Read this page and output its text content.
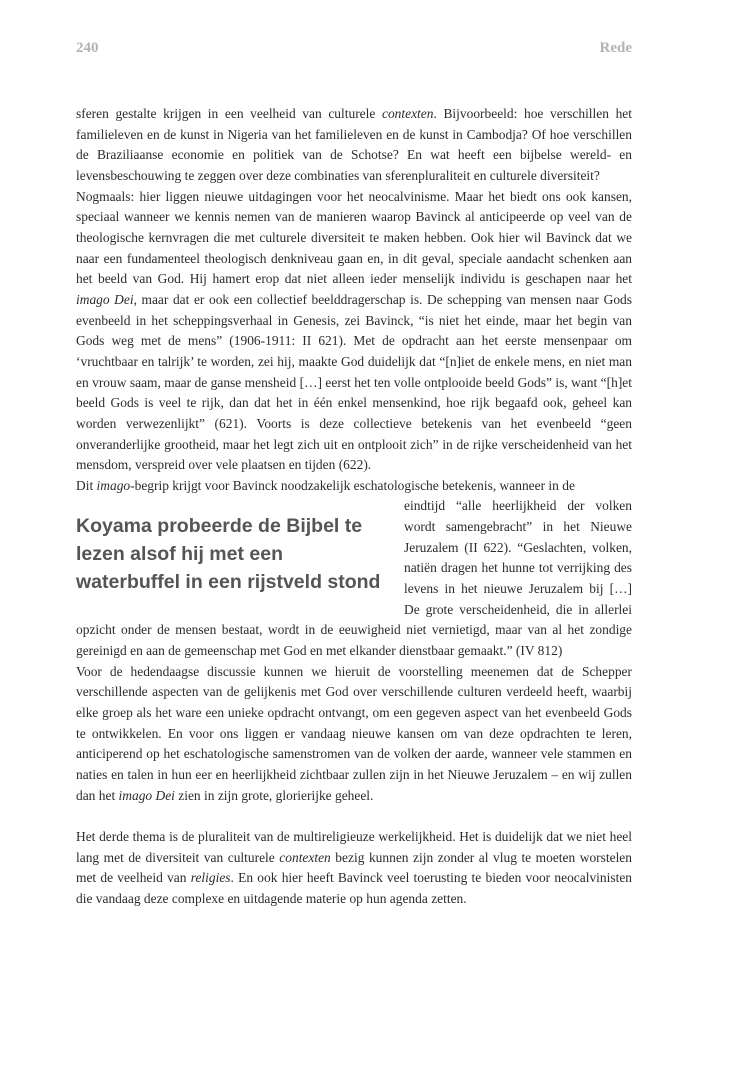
240	Rede

sferen gestalte krijgen in een veelheid van culturele contexten. Bijvoorbeeld: hoe verschillen het familieleven en de kunst in Nigeria van het familieleven en de kunst in Cambodja? Of hoe verschillen de Braziliaanse economie en politiek van de Schotse? En wat heeft een bijbelse wereld- en levensbeschouwing te zeggen over deze combinaties van sferenpluraliteit en culturele diversiteit?

Nogmaals: hier liggen nieuwe uitdagingen voor het neocalvinisme. Maar het biedt ons ook kansen, speciaal wanneer we kennis nemen van de manieren waarop Bavinck al anticipeerde op veel van de theologische kernvragen die met culturele diversiteit te maken hebben. Ook hier wil Bavinck dat we naar een fundamenteel theologisch denkniveau gaan en, in dit geval, speciale aandacht schenken aan het beeld van God. Hij hamert erop dat niet alleen ieder menselijk individu is geschapen naar het imago Dei, maar dat er ook een collectief beelddragerschap is. De schepping van mensen naar Gods evenbeeld in het scheppingsverhaal in Genesis, zei Bavinck, “is niet het einde, maar het begin van Gods weg met de mens” (1906-1911: II 621). Met de opdracht aan het eerste mensenpaar om ‘vruchtbaar en talrijk’ te worden, zei hij, maakte God duidelijk dat “[n]iet de enkele mens, en niet man en vrouw saam, maar de ganse mensheid […] eerst het ten volle ontplooide beeld Gods” is, want “[h]et beeld Gods is veel te rijk, dan dat het in één enkel mensenkind, hoe rijk begaafd ook, geheel kan worden verwezenlijkt” (621). Voorts is deze collectieve betekenis van het evenbeeld “geen onveranderlijke grootheid, maar het legt zich uit en ontplooit zich” in de rijke verscheidenheid van het mensdom, verspreid over vele plaatsen en tijden (622).

Dit imago-begrip krijgt voor Bavinck noodzakelijk eschatologische betekenis, wanneer in de

Koyama probeerde de Bijbel te lezen alsof hij met een waterbuffel in een rijstveld stond
eindtijd “alle heerlijkheid der volken wordt samengebracht” in het Nieuwe Jeruzalem (II 622). “Geslachten, volken, natiën dragen het hunne tot verrijking des levens in het nieuwe Jeruzalem bij […] De grote verscheidenheid, die in allerlei opzicht onder de mensen bestaat, wordt in de eeuwigheid niet vernietigd, maar van al het zondige gereinigd en aan de gemeenschap met God en met elkander dienstbaar gemaakt.” (IV 812)

Voor de hedendaagse discussie kunnen we hieruit de voorstelling meenemen dat de Schepper verschillende aspecten van de gelijkenis met God over verschillende culturen verdeeld heeft, waarbij elke groep als het ware een unieke opdracht ontvangt, om een gegeven aspect van het evenbeeld Gods te ontwikkelen. En voor ons liggen er vandaag nieuwe kansen om van deze opdrachten te leren, anticiperend op het eschatologische samenstromen van de volken der aarde, wanneer vele stammen en naties en talen in hun eer en heerlijkheid zichtbaar zullen zijn in het Nieuwe Jeruzalem – en wij zullen dan het imago Dei zien in zijn grote, glorierijke geheel.

Het derde thema is de pluraliteit van de multireligieuze werkelijkheid. Het is duidelijk dat we niet heel lang met de diversiteit van culturele contexten bezig kunnen zijn zonder al vlug te moeten worstelen met de veelheid van religies. En ook hier heeft Bavinck veel toerusting te bieden voor neocalvinisten die vandaag deze complexe en uitdagende materie op hun agenda zetten.
